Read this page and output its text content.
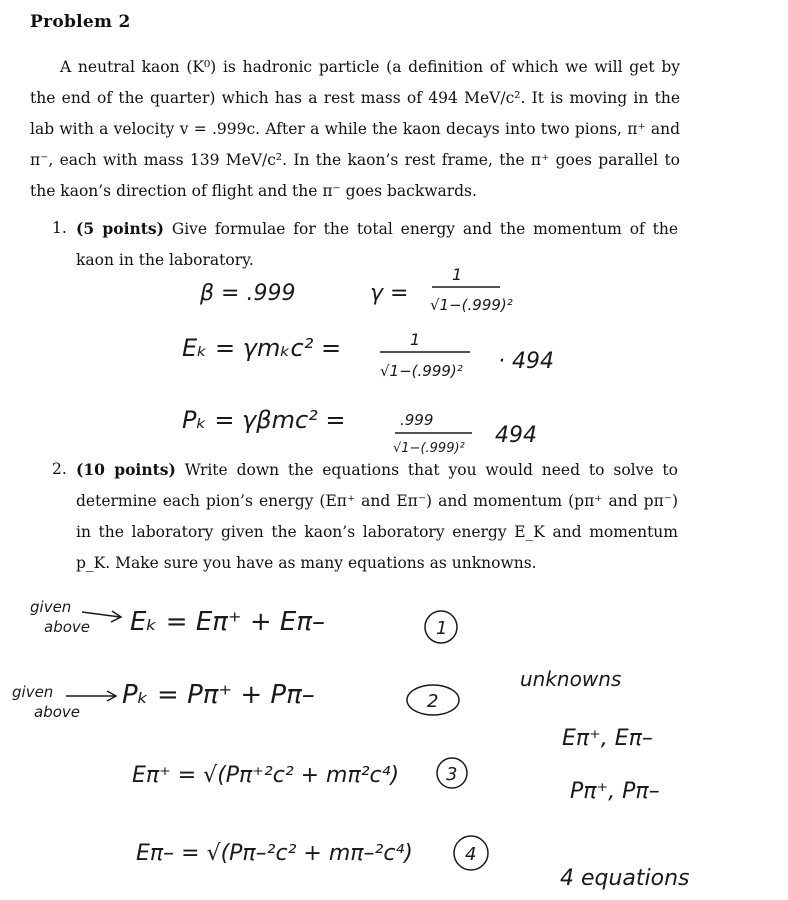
Problem 2
A neutral kaon (K⁰) is hadronic particle (a definition of which we will get by the end of the quarter) which has a rest mass of 494 MeV/c². It is moving in the lab with a velocity v = .999c. After a while the kaon decays into two pions, π⁺ and π⁻, each with mass 139 MeV/c². In the kaon’s rest frame, the π⁺ goes parallel to the kaon’s direction of flight and the π⁻ goes backwards.
1. (5 points) Give formulae for the total energy and the momentum of the kaon in the laboratory.
2. (10 points) Write down the equations that you would need to solve to determine each pion’s energy (Eπ⁺ and Eπ⁻) and momentum (pπ⁺ and pπ⁻) in the laboratory given the kaon’s laboratory energy E_K and momentum p_K. Make sure you have as many equations as unknowns.
β = .999	γ =
1
√1−(.999)²
Eₖ = γmₖc² =	1
√1−(.999)² · 494
Pₖ = γβmc² =	.999
√1−(.999)²
494
given
above Eₖ = Eπ⁺ + Eπ–	1
given
above
Pₖ = Pπ⁺ + Pπ–	2
Eπ⁺ = √(Pπ⁺²c² + mπ²c⁴)	3
Eπ– = √(Pπ–²c² + mπ–²c⁴)	4
unknowns
Eπ⁺, Eπ–
Pπ⁺, Pπ–
4 equations
